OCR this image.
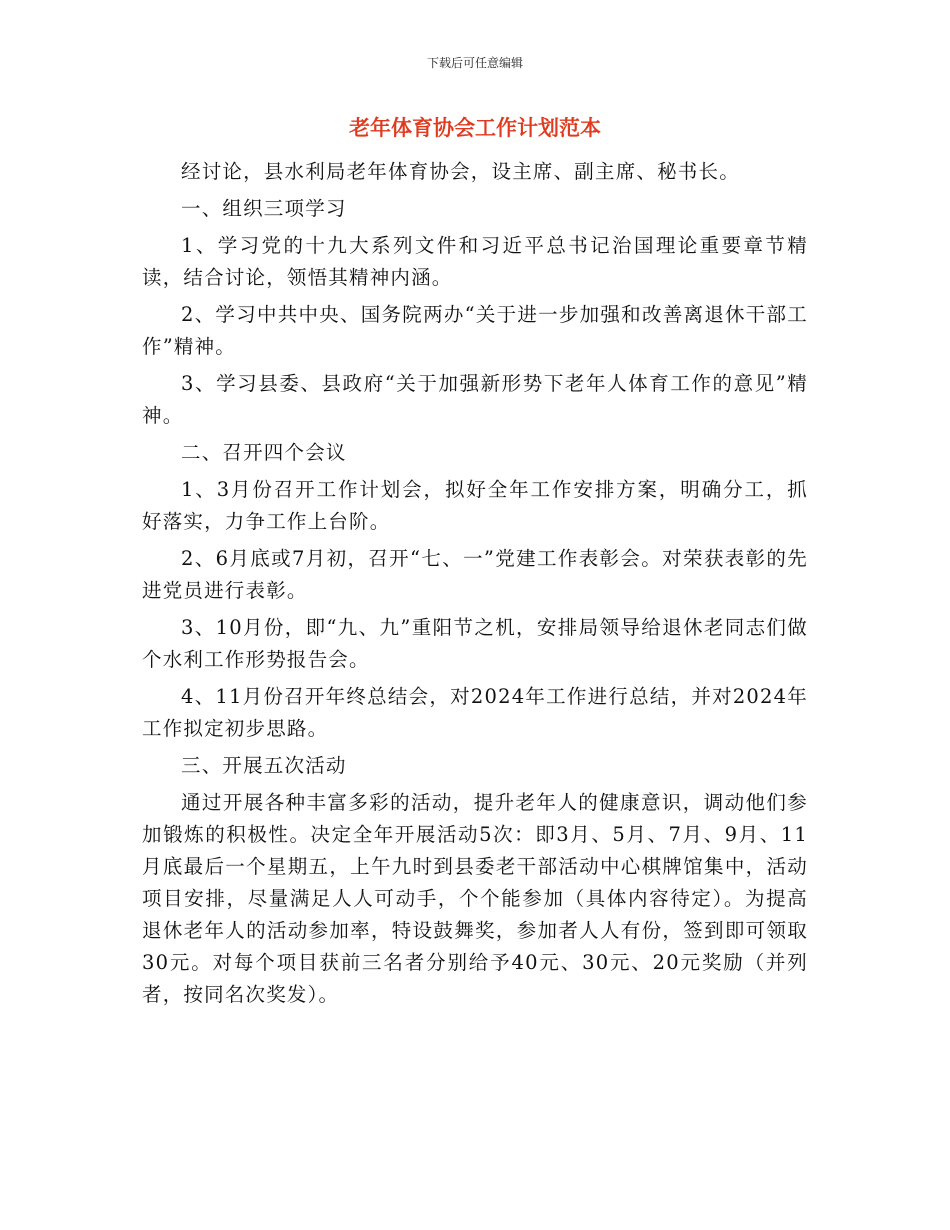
下载后可任意编辑
老年体育协会工作计划范本

经讨论，县水利局老年体育协会，设主席、副主席、秘书长。

一、组织三项学习

1、学习党的十九大系列文件和习近平总书记治国理论重要章节精读，结合讨论，领悟其精神内涵。

2、学习中共中央、国务院两办“关于进一步加强和改善离退休干部工作”精神。

3、学习县委、县政府“关于加强新形势下老年人体育工作的意见”精神。

二、召开四个会议

1、3月份召开工作计划会，拟好全年工作安排方案，明确分工，抓好落实，力争工作上台阶。

2、6月底或7月初，召开“七、一”党建工作表彰会。对荣获表彰的先进党员进行表彰。

3、10月份，即“九、九”重阳节之机，安排局领导给退休老同志们做个水利工作形势报告会。

4、11月份召开年终总结会，对2024年工作进行总结，并对2024年工作拟定初步思路。

三、开展五次活动

通过开展各种丰富多彩的活动，提升老年人的健康意识，调动他们参加锻炼的积极性。决定全年开展活动5次：即3月、5月、7月、9月、11月底最后一个星期五，上午九时到县委老干部活动中心棋牌馆集中，活动项目安排，尽量满足人人可动手，个个能参加（具体内容待定）。为提高退休老年人的活动参加率，特设鼓舞奖，参加者人人有份，签到即可领取30元。对每个项目获前三名者分别给予40元、30元、20元奖励（并列者，按同名次奖发）。
